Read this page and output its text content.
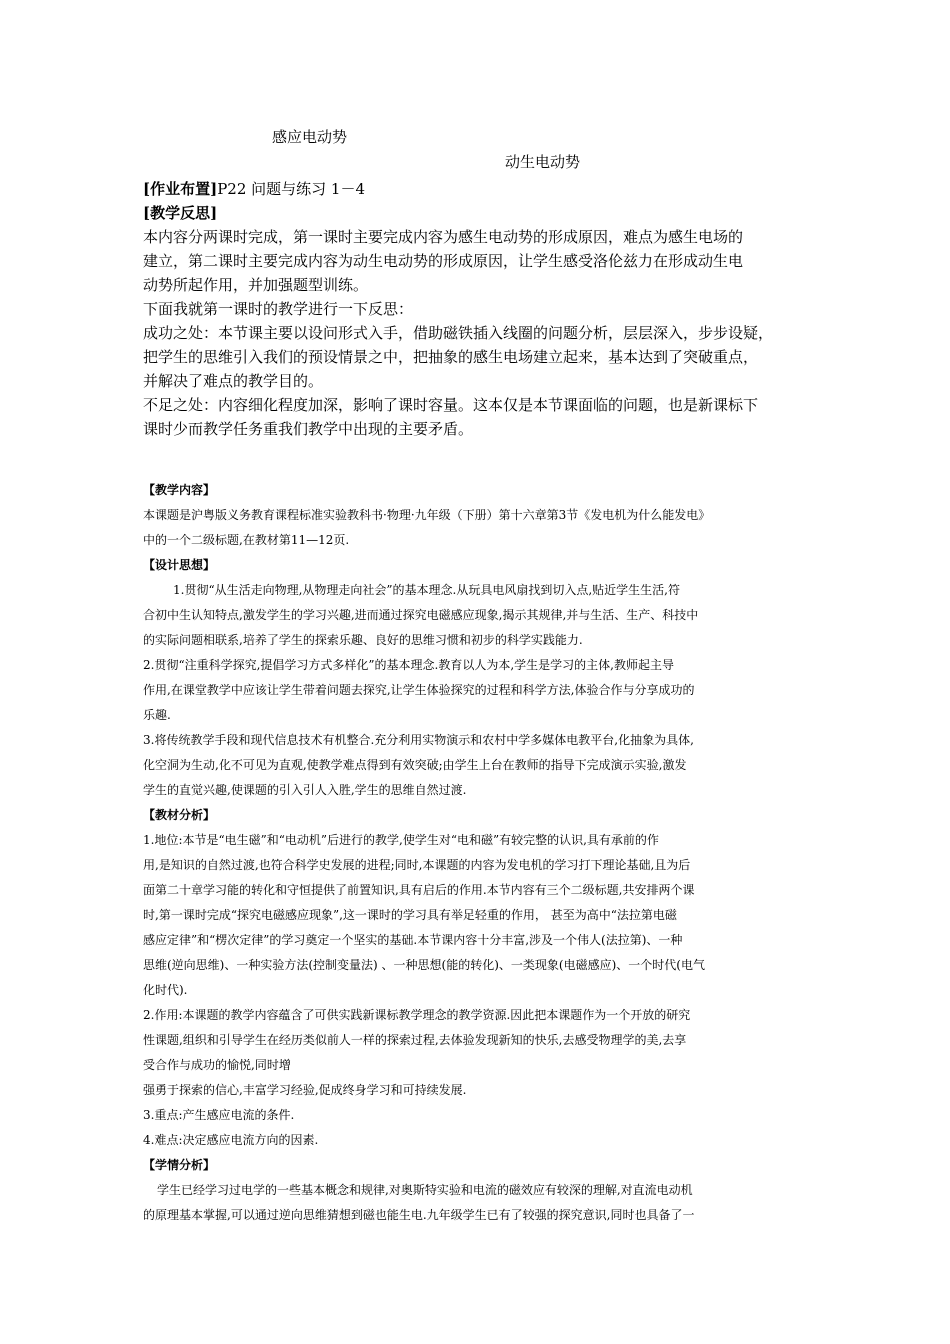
感应电动势
动生电动势

[作业布置]P22 问题与练习 1－4

[教学反思]

本内容分两课时完成，第一课时主要完成内容为感生电动势的形成原因，难点为感生电场的

建立，第二课时主要完成内容为动生电动势的形成原因，让学生感受洛伦兹力在形成动生电

动势所起作用，并加强题型训练。

下面我就第一课时的教学进行一下反思：

成功之处：本节课主要以设问形式入手，借助磁铁插入线圈的问题分析，层层深入，步步设疑，

把学生的思维引入我们的预设情景之中，把抽象的感生电场建立起来，基本达到了突破重点，

并解决了难点的教学目的。

不足之处：内容细化程度加深，影响了课时容量。这本仅是本节课面临的问题，也是新课标下

课时少而教学任务重我们教学中出现的主要矛盾。

【教学内容】

本课题是沪粤版义务教育课程标准实验教科书·物理·九年级（下册）第十六章第3节《发电机为什么能发电》

中的一个二级标题,在教材第11—12页.

【设计思想】

1.贯彻“从生活走向物理,从物理走向社会”的基本理念.从玩具电风扇找到切入点,贴近学生生活,符

合初中生认知特点,激发学生的学习兴趣,进而通过探究电磁感应现象,揭示其规律,并与生活、生产、科技中

的实际问题相联系,培养了学生的探索乐趣、良好的思维习惯和初步的科学实践能力.

2.贯彻“注重科学探究,提倡学习方式多样化”的基本理念.教育以人为本,学生是学习的主体,教师起主导

作用,在课堂教学中应该让学生带着问题去探究,让学生体验探究的过程和科学方法,体验合作与分享成功的

乐趣.

3.将传统教学手段和现代信息技术有机整合.充分利用实物演示和农村中学多媒体电教平台,化抽象为具体,

化空洞为生动,化不可见为直观,使教学难点得到有效突破;由学生上台在教师的指导下完成演示实验,激发

学生的直觉兴趣,使课题的引入引人入胜,学生的思维自然过渡.

【教材分析】

1.地位:本节是“电生磁”和“电动机”后进行的教学,使学生对“电和磁”有较完整的认识,具有承前的作

用,是知识的自然过渡,也符合科学史发展的进程;同时,本课题的内容为发电机的学习打下理论基础,且为后

面第二十章学习能的转化和守恒提供了前置知识,具有启后的作用.本节内容有三个二级标题,共安排两个课

时,第一课时完成“探究电磁感应现象”,这一课时的学习具有举足轻重的作用， 甚至为高中“法拉第电磁

感应定律”和“楞次定律”的学习奠定一个坚实的基础.本节课内容十分丰富,涉及一个伟人(法拉第)、一种

思维(逆向思维)、一种实验方法(控制变量法) 、一种思想(能的转化)、一类现象(电磁感应)、一个时代(电气

化时代).

2.作用:本课题的教学内容蕴含了可供实践新课标教学理念的教学资源.因此把本课题作为一个开放的研究

性课题,组织和引导学生在经历类似前人一样的探索过程,去体验发现新知的快乐,去感受物理学的美,去享

受合作与成功的愉悦,同时增

强勇于探索的信心,丰富学习经验,促成终身学习和可持续发展.

3.重点:产生感应电流的条件.

4.难点:决定感应电流方向的因素.

【学情分析】

学生已经学习过电学的一些基本概念和规律,对奥斯特实验和电流的磁效应有较深的理解,对直流电动机

的原理基本掌握,可以通过逆向思维猜想到磁也能生电.九年级学生已有了较强的探究意识,同时也具备了一
